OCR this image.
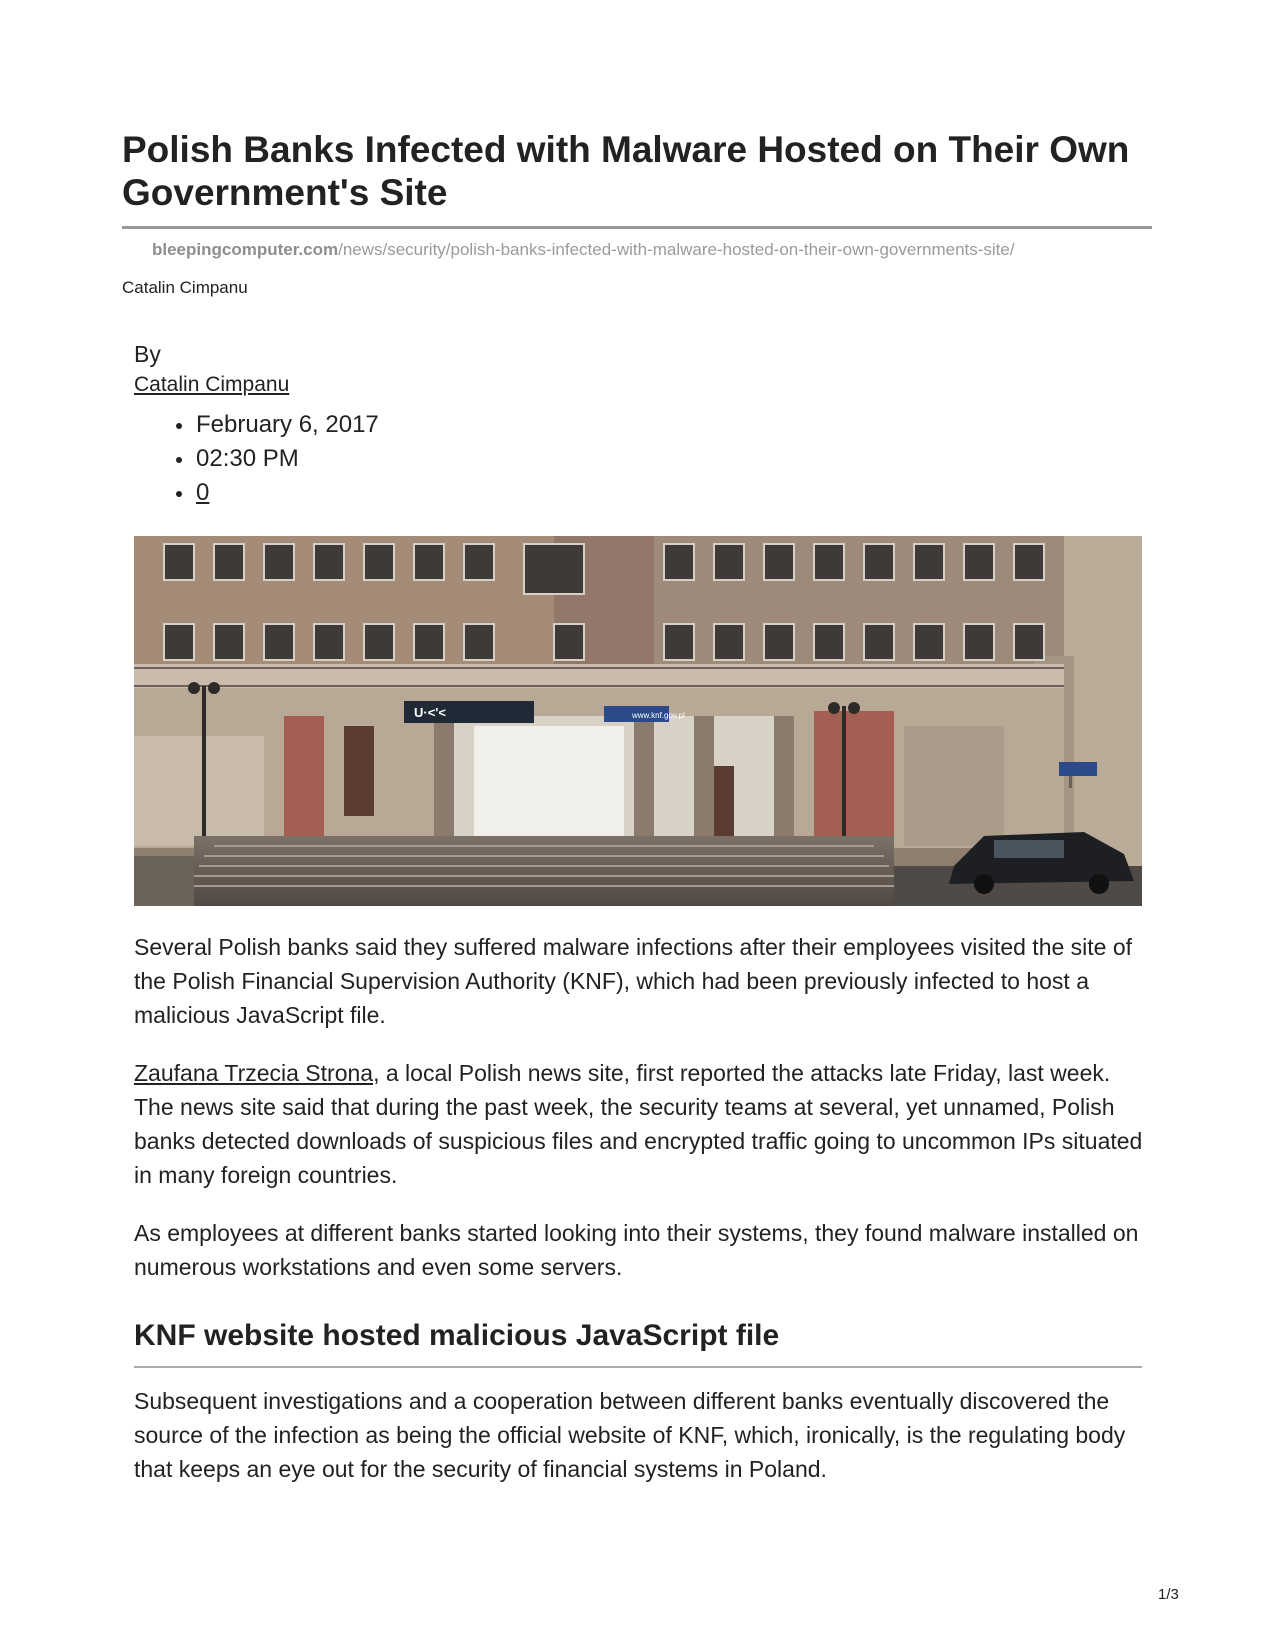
Polish Banks Infected with Malware Hosted on Their Own Government's Site
bleepingcomputer.com/news/security/polish-banks-infected-with-malware-hosted-on-their-own-governments-site/
Catalin Cimpanu
By
Catalin Cimpanu
February 6, 2017
02:30 PM
0
U·<'<	www.knf.gov.pl

Several Polish banks said they suffered malware infections after their employees visited the site of the Polish Financial Supervision Authority (KNF), which had been previously infected to host a malicious JavaScript file.

Zaufana Trzecia Strona, a local Polish news site, first reported the attacks late Friday, last week. The news site said that during the past week, the security teams at several, yet unnamed, Polish banks detected downloads of suspicious files and encrypted traffic going to uncommon IPs situated in many foreign countries.

As employees at different banks started looking into their systems, they found malware installed on numerous workstations and even some servers.

KNF website hosted malicious JavaScript file

Subsequent investigations and a cooperation between different banks eventually discovered the source of the infection as being the official website of KNF, which, ironically, is the regulating body that keeps an eye out for the security of financial systems in Poland.

1/3
